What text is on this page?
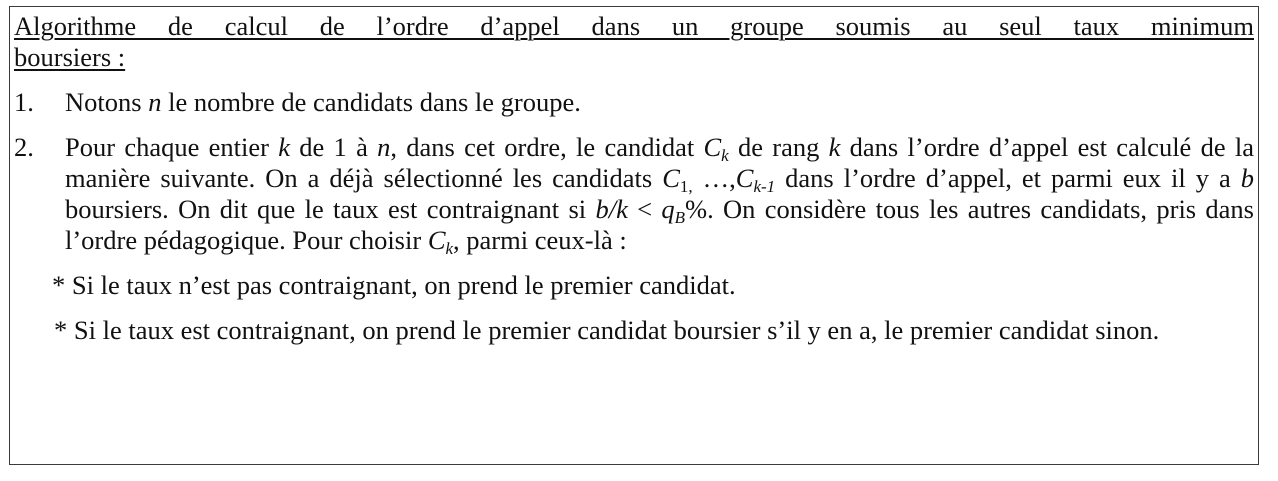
Algorithme de calcul de l’ordre d’appel dans un groupe soumis au seul taux minimum

boursiers :

1. Notons n le nombre de candidats dans le groupe.
2. Pour chaque entier k de 1 à n, dans cet ordre, le candidat $C_k$ de rang k dans l’ordre d’appel est calculé de la manière suivante. On a déjà sélectionné les candidats $C_{1,}$ $\dots,C_{k-1}$ dans l’ordre d’appel, et parmi eux il y a b boursiers. On dit que le taux est contraignant si $b/k < q_B\%$. On considère tous les autres candidats, pris dans l’ordre pédagogique. Pour choisir $C_k$, parmi ceux-là :
* Si le taux n’est pas contraignant, on prend le premier candidat.
* Si le taux est contraignant, on prend le premier candidat boursier s’il y en a, le premier candidat sinon.
